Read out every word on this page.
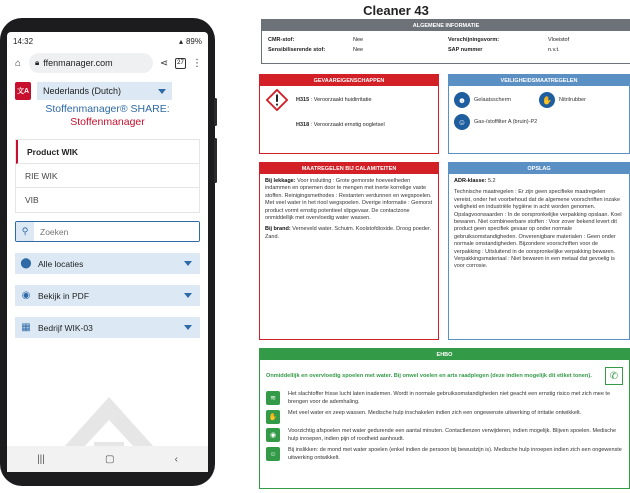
14:32	▴ 89%
⌂	🔒︎ ffenmanager.com	⋖	27 ⋮
文A Nederlands (Dutch)
Stoffenmanager® SHARE:
Stoffenmanager
Product WIK
RIE WIK
VIB
⚲
Zoeken
⬤ Alle locaties
◉ Bekijk in PDF
▦ Bedrijf WIK-03
|||	▢	‹
Cleaner 43
ALGEMENE INFORMATIE
CMR-stof:	Nee	Verschijningsvorm:	Vloeistof
Sensibiliserende stof:	Nee	SAP nummer	n.v.t.
GEVAAREIGENSCHAPPEN
H315 : Veroorzaakt huidirritatie
H318 : Veroorzaakt ernstig oogletsel
VEILIGHEIDSMAATREGELEN
☻	Gelaatsscherm	✋	Nitrilrubber
☺	Gas-/stoffilter A (bruin)-P2
MAATREGELEN BIJ CALAMITEITEN

Bij lekkage: Voor insluiting : Grote gemorste hoeveelheden indammen en opnemen door te mengen met inerte korrelige vaste stoffen. Reinigingsmethodes : Restanten verdunnen en wegspoelen. Met veel water in het riool wegspoelen. Overige informatie : Gemorst product vormt ernstig potentieel slipgevaar. De contactzone onmiddellijk met overvloedig water wassen.

Bij brand: Verneveld water. Schuim. Koolstofdioxide. Droog poeder. Zand.

OPSLAG

ADR-klasse: 5.2

Technische maatregelen : Er zijn geen specifieke maatregelen vereist, onder het voorbehoud dat de algemene voorschriften inzake veiligheid en industriële hygiëne in acht worden genomen. Opslagvoorwaarden : In de oorspronkelijke verpakking opslaan. Koel bewaren. Niet combineerbare stoffen : Voor zover bekend levert dit product geen specifiek gevaar op onder normale gebruiksomstandigheden. Onverenigbare materialen : Geen onder normale omstandigheden. Bijzondere voorschriften voor de verpakking : Uitsluitend in de oorspronkelijke verpakking bewaren. Verpakkingsmateriaal : Niet bewaren in een metaal dat gevoelig is voor corrosie.

EHBO
Onmiddellijk en overvloedig spoelen met water. Bij onwel voelen en arts raadplegen (deze indien mogelijk dit etiket tonen).	✆
≋
Het slachtoffer frisse lucht laten inademen. Wordt in normale gebruiksomstandigheden niet geacht een ernstig risico met zich mee te brengen voor de ademhaling.
✋
Met veel water en zeep wassen. Medische hulp inschakelen indien zich een ongewenste uitwerking of irritatie ontwikkelt.
◉
Voorzichtig afspoelen met water gedurende een aantal minuten. Contactlenzen verwijderen, indien mogelijk. Blijven spoelen. Medische hulp inroepen, indien pijn of roodheid aanhoudt.
☺
Bij inslikken: de mond met water spoelen (enkel indien de persoon bij bewustzijn is). Medische hulp inroepen indien zich een ongewenste uitwerking ontwikkelt.
